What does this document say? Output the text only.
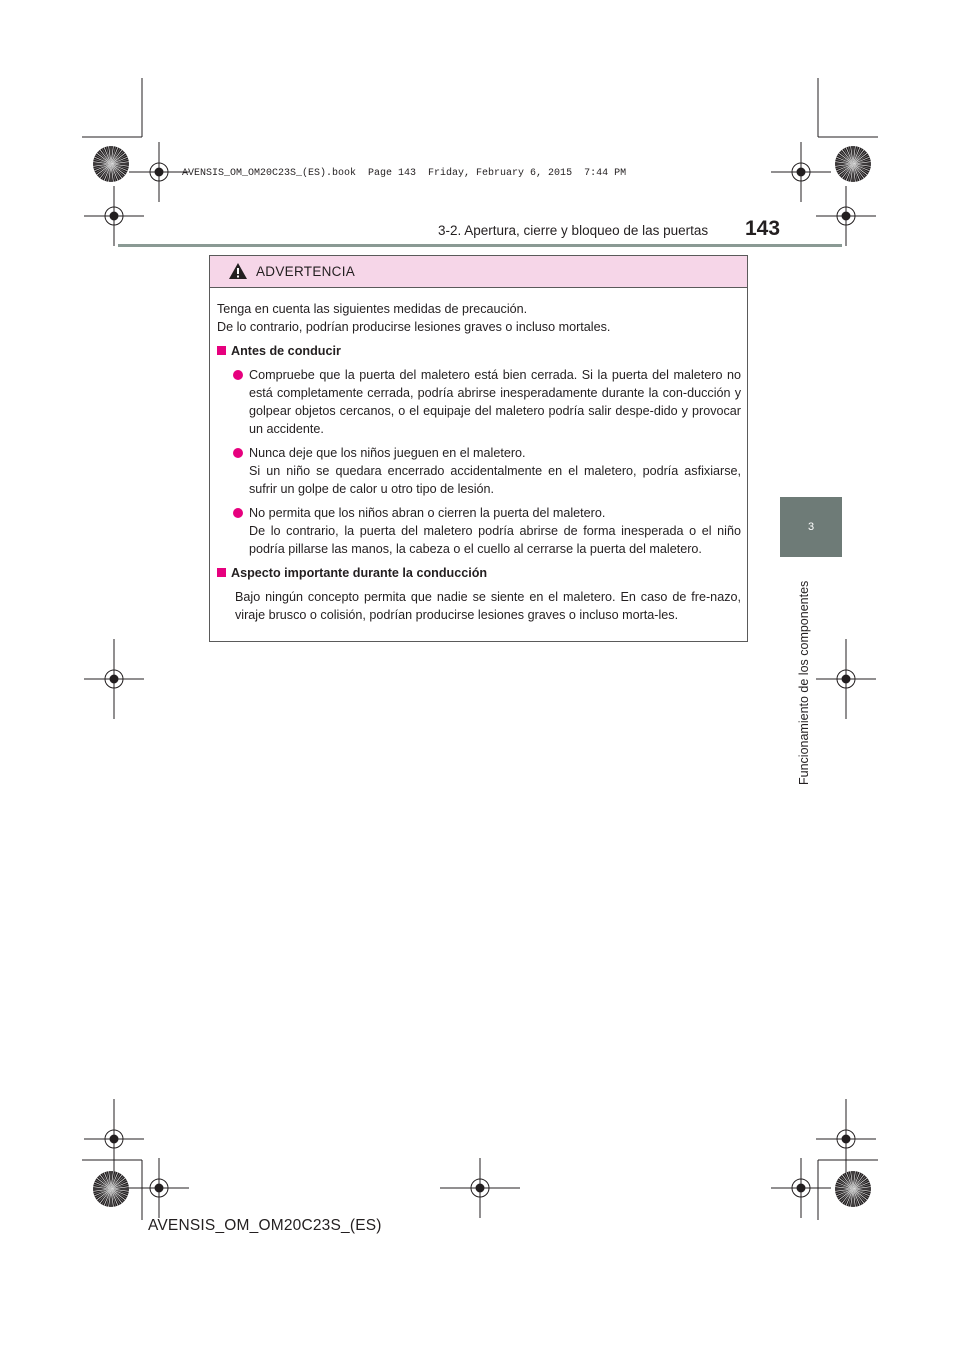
AVENSIS_OM_OM20C23S_(ES).book  Page 143  Friday, February 6, 2015  7:44 PM
3-2. Apertura, cierre y bloqueo de las puertas 143
3
Funcionamiento de los componentes
ADVERTENCIA

Tenga en cuenta las siguientes medidas de precaución.

De lo contrario, podrían producirse lesiones graves o incluso mortales.

Antes de conducir
Compruebe que la puerta del maletero está bien cerrada. Si la puerta del maletero no está completamente cerrada, podría abrirse inesperadamente durante la con-ducción y golpear objetos cercanos, o el equipaje del maletero podría salir despe-dido y provocar un accidente.
Nunca deje que los niños jueguen en el maletero.
Si un niño se quedara encerrado accidentalmente en el maletero, podría asfixiarse, sufrir un golpe de calor u otro tipo de lesión.
No permita que los niños abran o cierren la puerta del maletero.
De lo contrario, la puerta del maletero podría abrirse de forma inesperada o el niño podría pillarse las manos, la cabeza o el cuello al cerrarse la puerta del maletero.
Aspecto importante durante la conducción
Bajo ningún concepto permita que nadie se siente en el maletero. En caso de fre-nazo, viraje brusco o colisión, podrían producirse lesiones graves o incluso morta-les.
AVENSIS_OM_OM20C23S_(ES)
